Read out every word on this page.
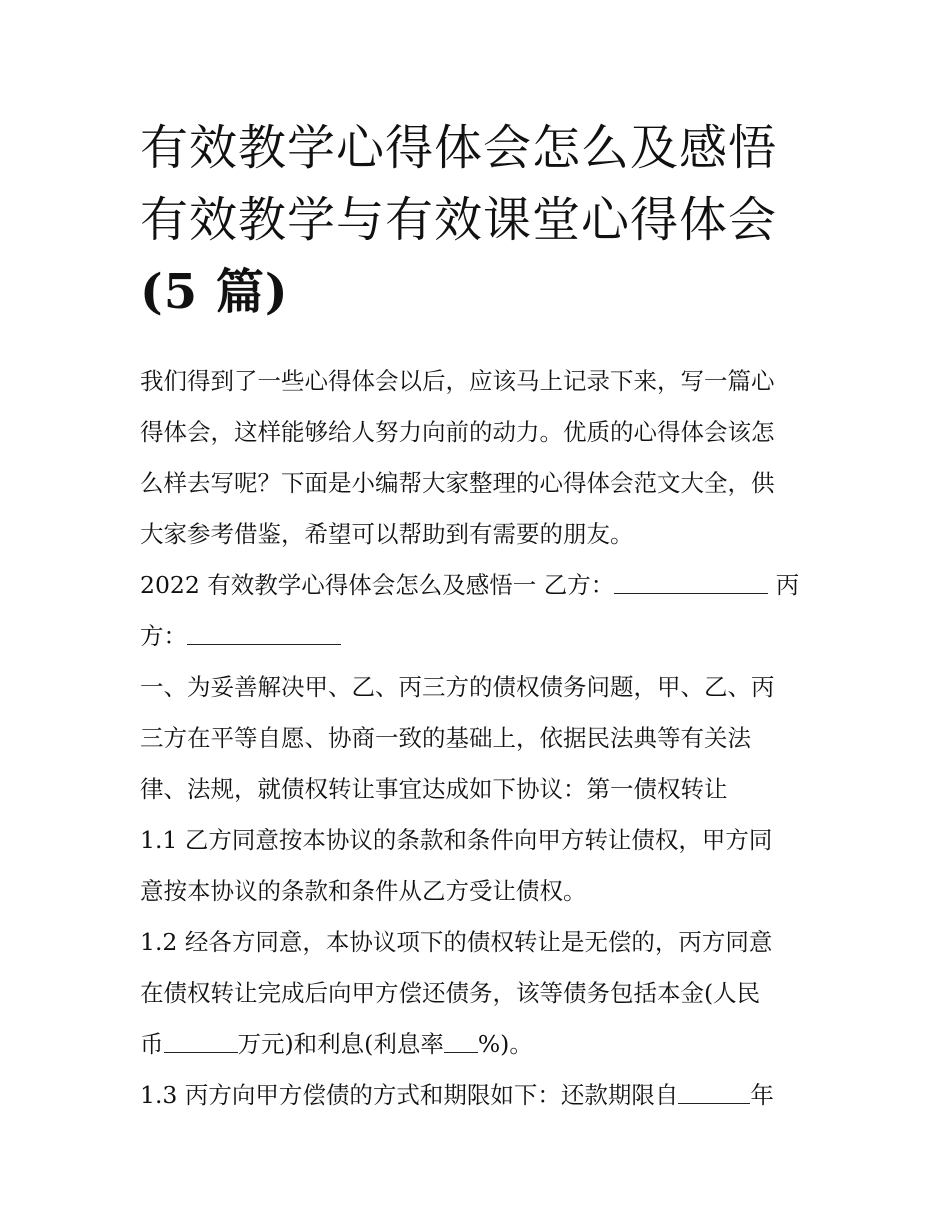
有效教学心得体会怎么及感悟
有效教学与有效课堂心得体会
(5 篇)

我们得到了一些心得体会以后，应该马上记录下来，写一篇心
得体会，这样能够给人努力向前的动力。优质的心得体会该怎
么样去写呢？下面是小编帮大家整理的心得体会范文大全，供
大家参考借鉴，希望可以帮助到有需要的朋友。

2022 有效教学心得体会怎么及感悟一 乙方：	丙
方：

一、为妥善解决甲、乙、丙三方的债权债务问题，甲、乙、丙
三方在平等自愿、协商一致的基础上，依据民法典等有关法
律、法规，就债权转让事宜达成如下协议：第一债权转让

1.1 乙方同意按本协议的条款和条件向甲方转让债权，甲方同
意按本协议的条款和条件从乙方受让债权。

1.2 经各方同意，本协议项下的债权转让是无偿的，丙方同意
在债权转让完成后向甲方偿还债务，该等债务包括本金(人民
币	万元)和利息(利息率 %)。

1.3 丙方向甲方偿债的方式和期限如下：还款期限自	年
